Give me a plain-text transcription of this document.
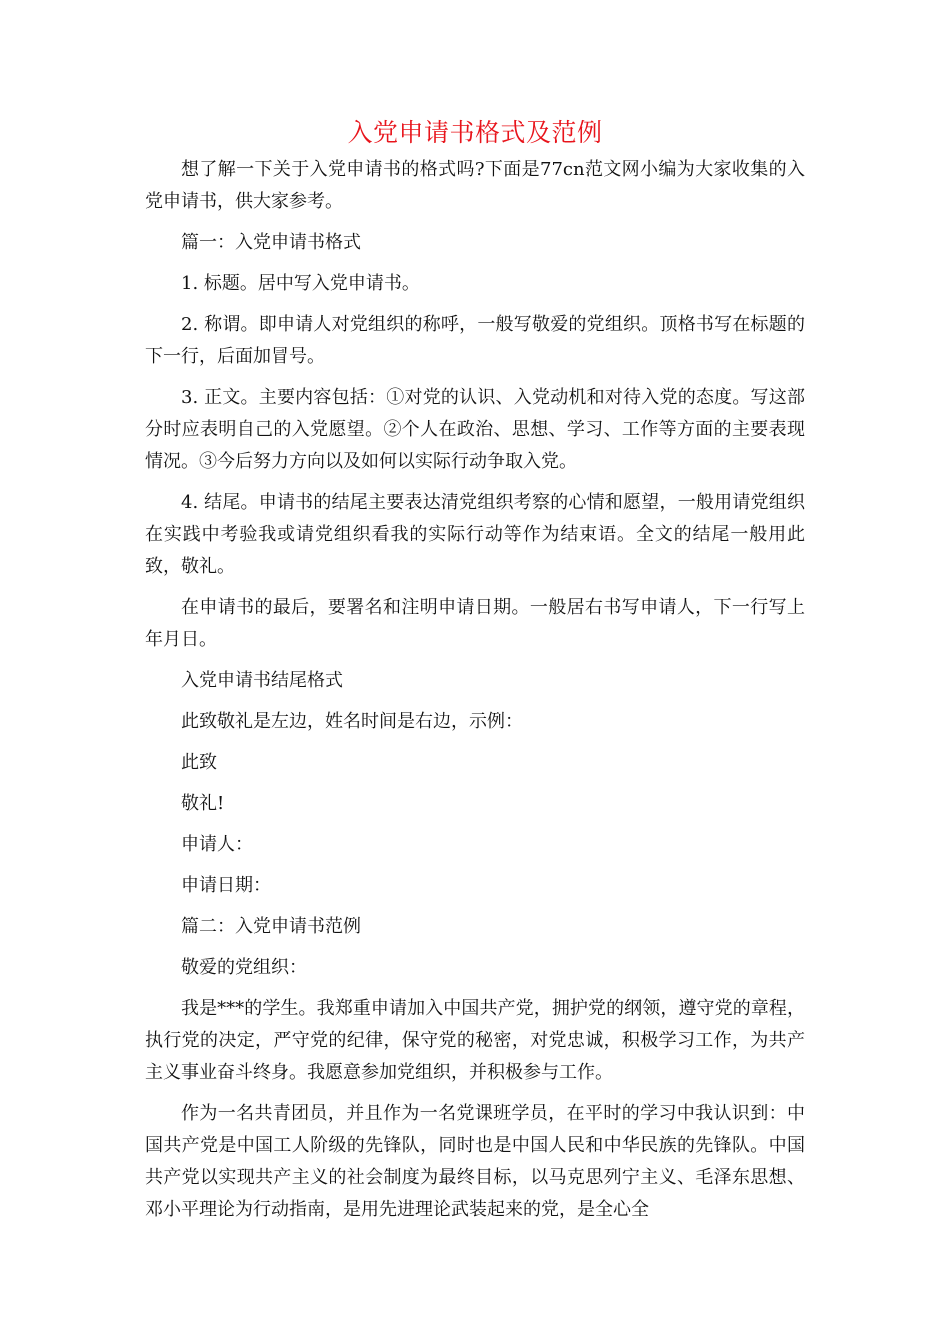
入党申请书格式及范例

想了解一下关于入党申请书的格式吗?下面是77cn范文网小编为大家收集的入党申请书，供大家参考。

篇一：入党申请书格式

1. 标题。居中写入党申请书。

2. 称谓。即申请人对党组织的称呼，一般写敬爱的党组织。顶格书写在标题的下一行，后面加冒号。

3. 正文。主要内容包括：①对党的认识、入党动机和对待入党的态度。写这部分时应表明自己的入党愿望。②个人在政治、思想、学习、工作等方面的主要表现情况。③今后努力方向以及如何以实际行动争取入党。

4. 结尾。申请书的结尾主要表达清党组织考察的心情和愿望，一般用请党组织在实践中考验我或请党组织看我的实际行动等作为结束语。全文的结尾一般用此致，敬礼。

在申请书的最后，要署名和注明申请日期。一般居右书写申请人，下一行写上年月日。

入党申请书结尾格式

此致敬礼是左边，姓名时间是右边，示例：

此致

敬礼!

申请人：

申请日期：

篇二：入党申请书范例

敬爱的党组织：

我是***的学生。我郑重申请加入中国共产党，拥护党的纲领，遵守党的章程，执行党的决定，严守党的纪律，保守党的秘密，对党忠诚，积极学习工作，为共产主义事业奋斗终身。我愿意参加党组织，并积极参与工作。

作为一名共青团员，并且作为一名党课班学员，在平时的学习中我认识到：中国共产党是中国工人阶级的先锋队，同时也是中国人民和中华民族的先锋队。中国共产党以实现共产主义的社会制度为最终目标，以马克思列宁主义、毛泽东思想、邓小平理论为行动指南，是用先进理论武装起来的党，是全心全
